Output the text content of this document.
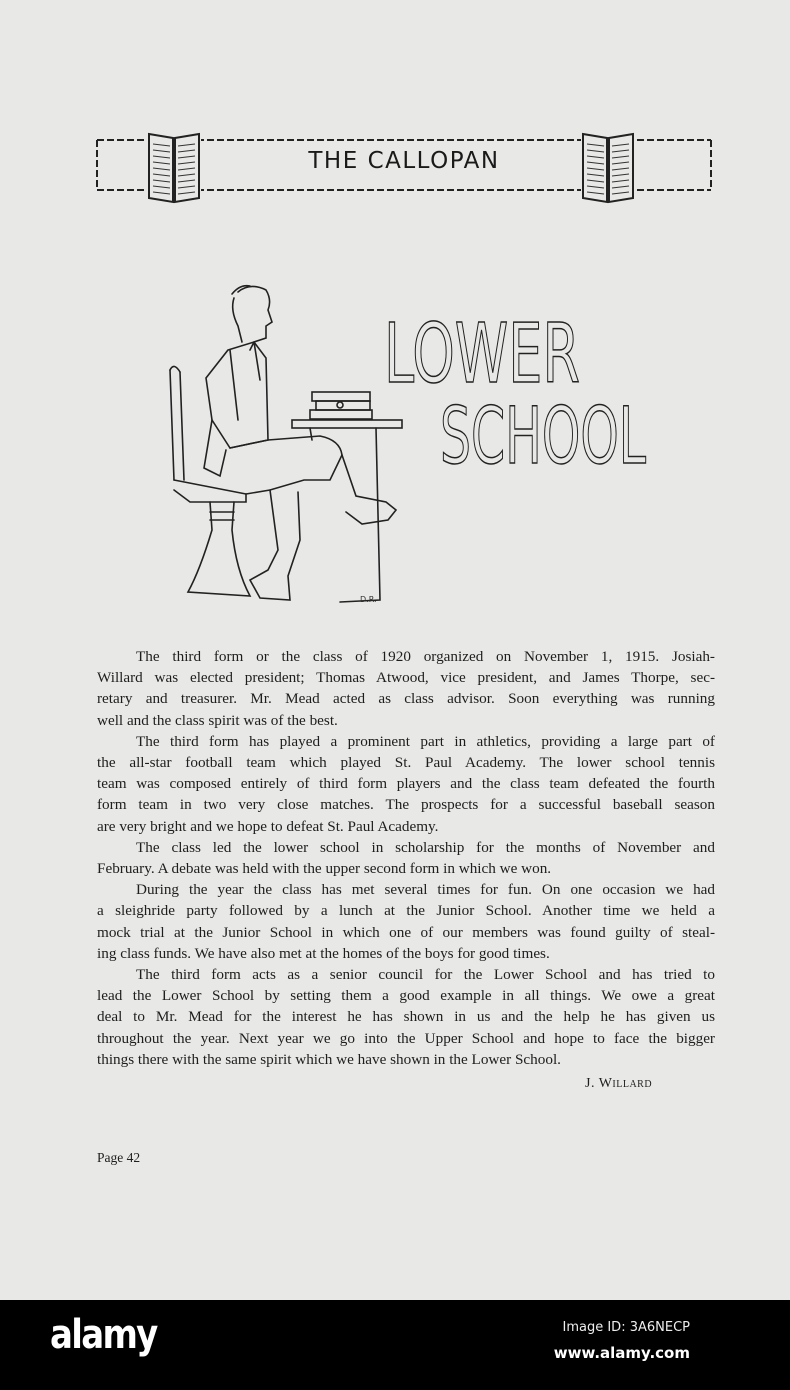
THE CALLOPAN
D.R.
LOWER
SCHOOL
The third form or the class of 1920 organized on November 1, 1915. Josiah-
Willard was elected president; Thomas Atwood, vice president, and James Thorpe, sec-
retary and treasurer. Mr. Mead acted as class advisor. Soon everything was running
well and the class spirit was of the best.
The third form has played a prominent part in athletics, providing a large part of
the all-star football team which played St. Paul Academy. The lower school tennis
team was composed entirely of third form players and the class team defeated the fourth
form team in two very close matches. The prospects for a successful baseball season
are very bright and we hope to defeat St. Paul Academy.
The class led the lower school in scholarship for the months of November and
February. A debate was held with the upper second form in which we won.
During the year the class has met several times for fun. On one occasion we had
a sleighride party followed by a lunch at the Junior School. Another time we held a
mock trial at the Junior School in which one of our members was found guilty of steal-
ing class funds. We have also met at the homes of the boys for good times.
The third form acts as a senior council for the Lower School and has tried to
lead the Lower School by setting them a good example in all things. We owe a great
deal to Mr. Mead for the interest he has shown in us and the help he has given us
throughout the year. Next year we go into the Upper School and hope to face the bigger
things there with the same spirit which we have shown in the Lower School.
J. Willard
Page 42
alamy	Image ID: 3A6NECP
www.alamy.com
